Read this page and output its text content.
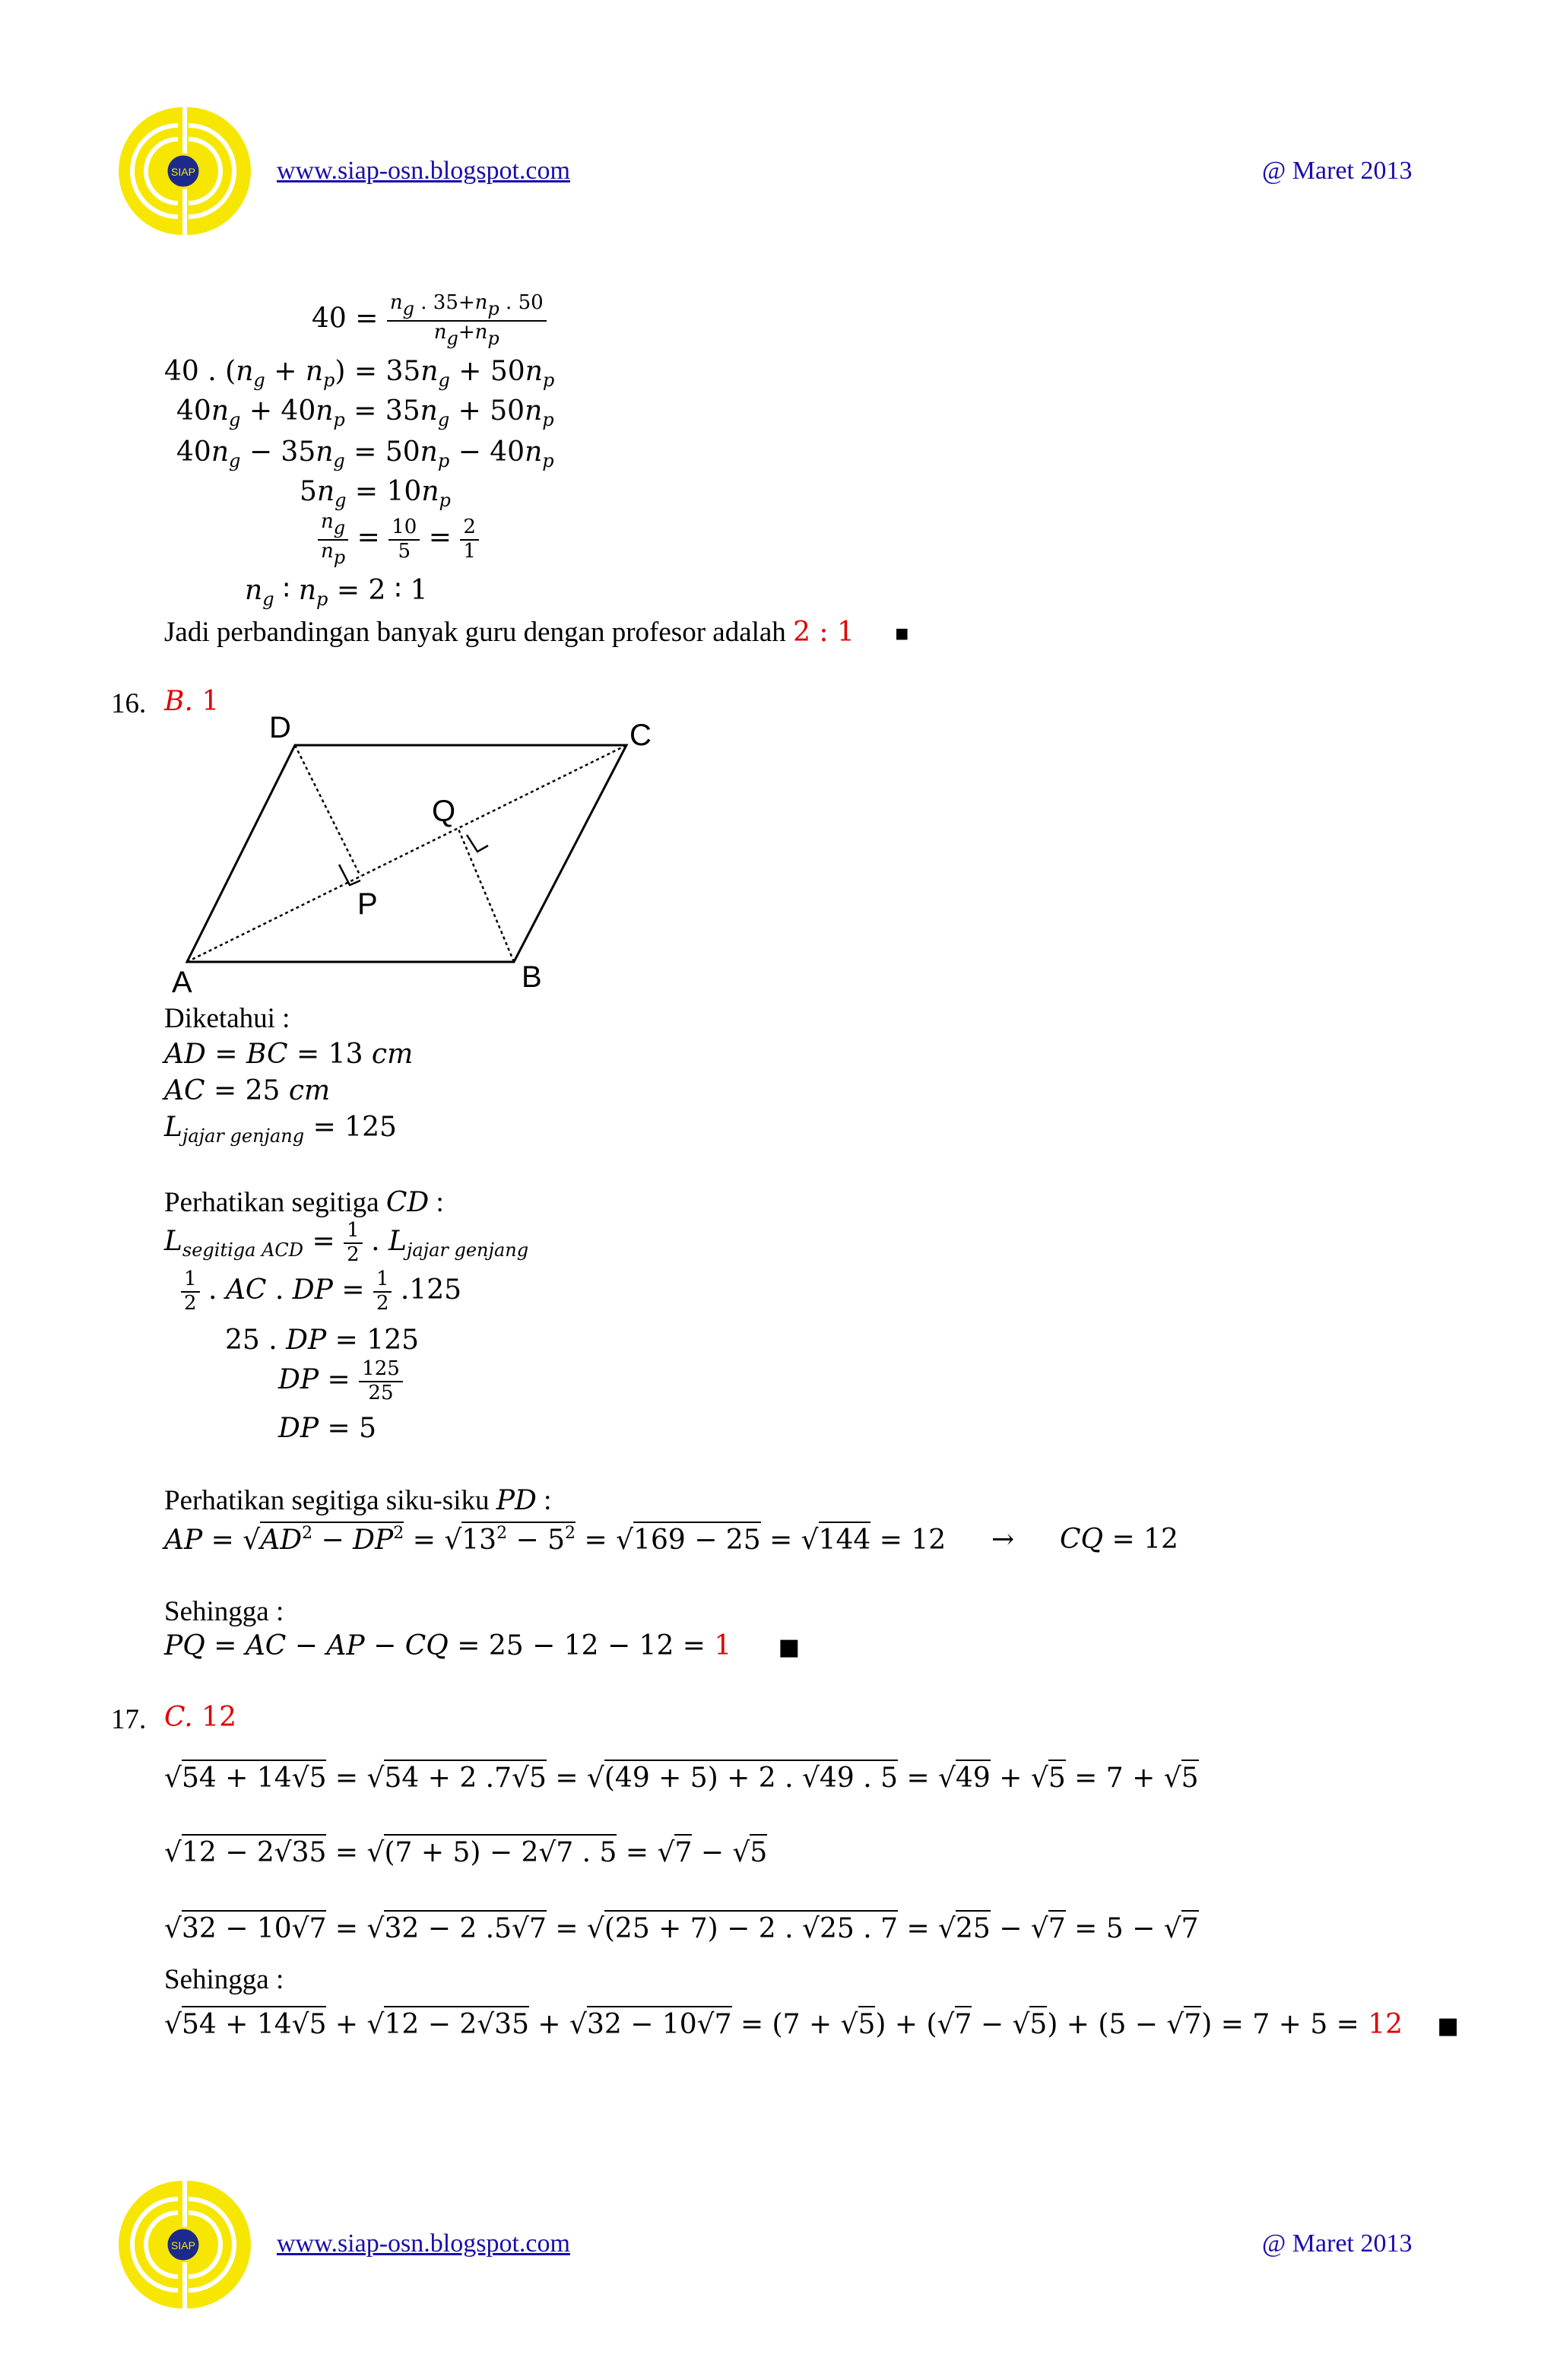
SIAP	www.siap-osn.blogspot.com	@ Maret 2013
$40 = \frac{ng . 35+np . 50}{ng+np}$
40 . $(n_g + n_p) = 35n_g + 50n_p$
$40n_g + 40n_p = 35n_g + 50n_p$
$40n_g - 35n_g = 50n_p - 40n_p$
$5n_g = 10n_p$
$\frac{ng}{np} = \frac{10}{5} = \frac{2}{1}$
$n_g$ ∶ $n_p = 2$ ∶ 1
Jadi perbandingan banyak guru dengan profesor adalah 2 : 1 ■
16. B. 1
A	B
C
D
P
Q
Diketahui :
AD = BC = 13 cm
AC = 25 cm
$L_{jajar genjang} = 125$
Perhatikan segitiga CD :
$L_{segitiga ACD} = \frac{1}{2}$ . $L_{jajar genjang}$
$\frac{1}{2}$ . AC . DP = $\frac{1}{2} .125$
25 . DP = 125
DP = $\frac{125}{25}$
DP = 5
Perhatikan segitiga siku-siku PD :
AP = $√AD^2 - DP^2 = √13^2 - 5^2 = √169 - 25 = √144 = 12$ → CQ = 12
Sehingga :
PQ = AC − AP − CQ = 25 − 12 − 12 = 1 ■
17. C. 12
√54 + 14√5 = √54 + 2 .7√5 = √(49 + 5) + 2 . √49 . 5 = √49 + √5 = 7 + √5
√12 − 2√35 = √(7 + 5) − 2√7 . 5 = √7 − √5
√32 − 10√7 = √32 − 2 .5√7 = √(25 + 7) − 2 . √25 . 7 = √25 − √7 = 5 − √7
Sehingga :
√54 + 14√5 + √12 − 2√35 + √32 − 10√7 = (7 + √5) + (√7 − √5) + (5 − √7) = 7 + 5 = 12 ■
SIAP	www.siap-osn.blogspot.com	@ Maret 2013
